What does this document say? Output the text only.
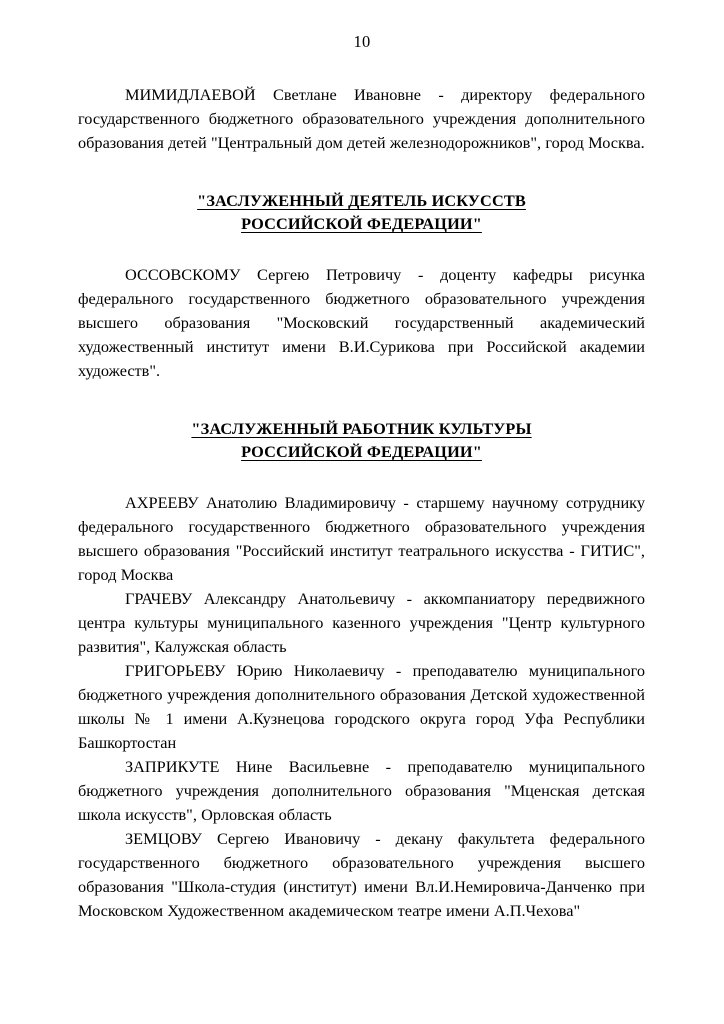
10

МИМИДЛАЕВОЙ Светлане Ивановне - директору федерального государственного бюджетного образовательного учреждения дополнительного образования детей "Центральный дом детей железнодорожников", город Москва.

"ЗАСЛУЖЕННЫЙ ДЕЯТЕЛЬ ИСКУССТВ
РОССИЙСКОЙ ФЕДЕРАЦИИ"

ОССОВСКОМУ Сергею Петровичу - доценту кафедры рисунка федерального государственного бюджетного образовательного учреждения высшего образования "Московский государственный академический художественный институт имени В.И.Сурикова при Российской академии художеств".

"ЗАСЛУЖЕННЫЙ РАБОТНИК КУЛЬТУРЫ
РОССИЙСКОЙ ФЕДЕРАЦИИ"

АХРЕЕВУ Анатолию Владимировичу - старшему научному сотруднику федерального государственного бюджетного образовательного учреждения высшего образования "Российский институт театрального искусства - ГИТИС", город Москва

ГРАЧЕВУ Александру Анатольевичу - аккомпаниатору передвижного центра культуры муниципального казенного учреждения "Центр культурного развития", Калужская область

ГРИГОРЬЕВУ Юрию Николаевичу - преподавателю муниципального бюджетного учреждения дополнительного образования Детской художественной школы № 1 имени А.Кузнецова городского округа город Уфа Республики Башкортостан

ЗАПРИКУТЕ Нине Васильевне - преподавателю муниципального бюджетного учреждения дополнительного образования "Мценская детская школа искусств", Орловская область

ЗЕМЦОВУ Сергею Ивановичу - декану факультета федерального государственного бюджетного образовательного учреждения высшего образования "Школа-студия (институт) имени Вл.И.Немировича-Данченко при Московском Художественном академическом театре имени А.П.Чехова"
